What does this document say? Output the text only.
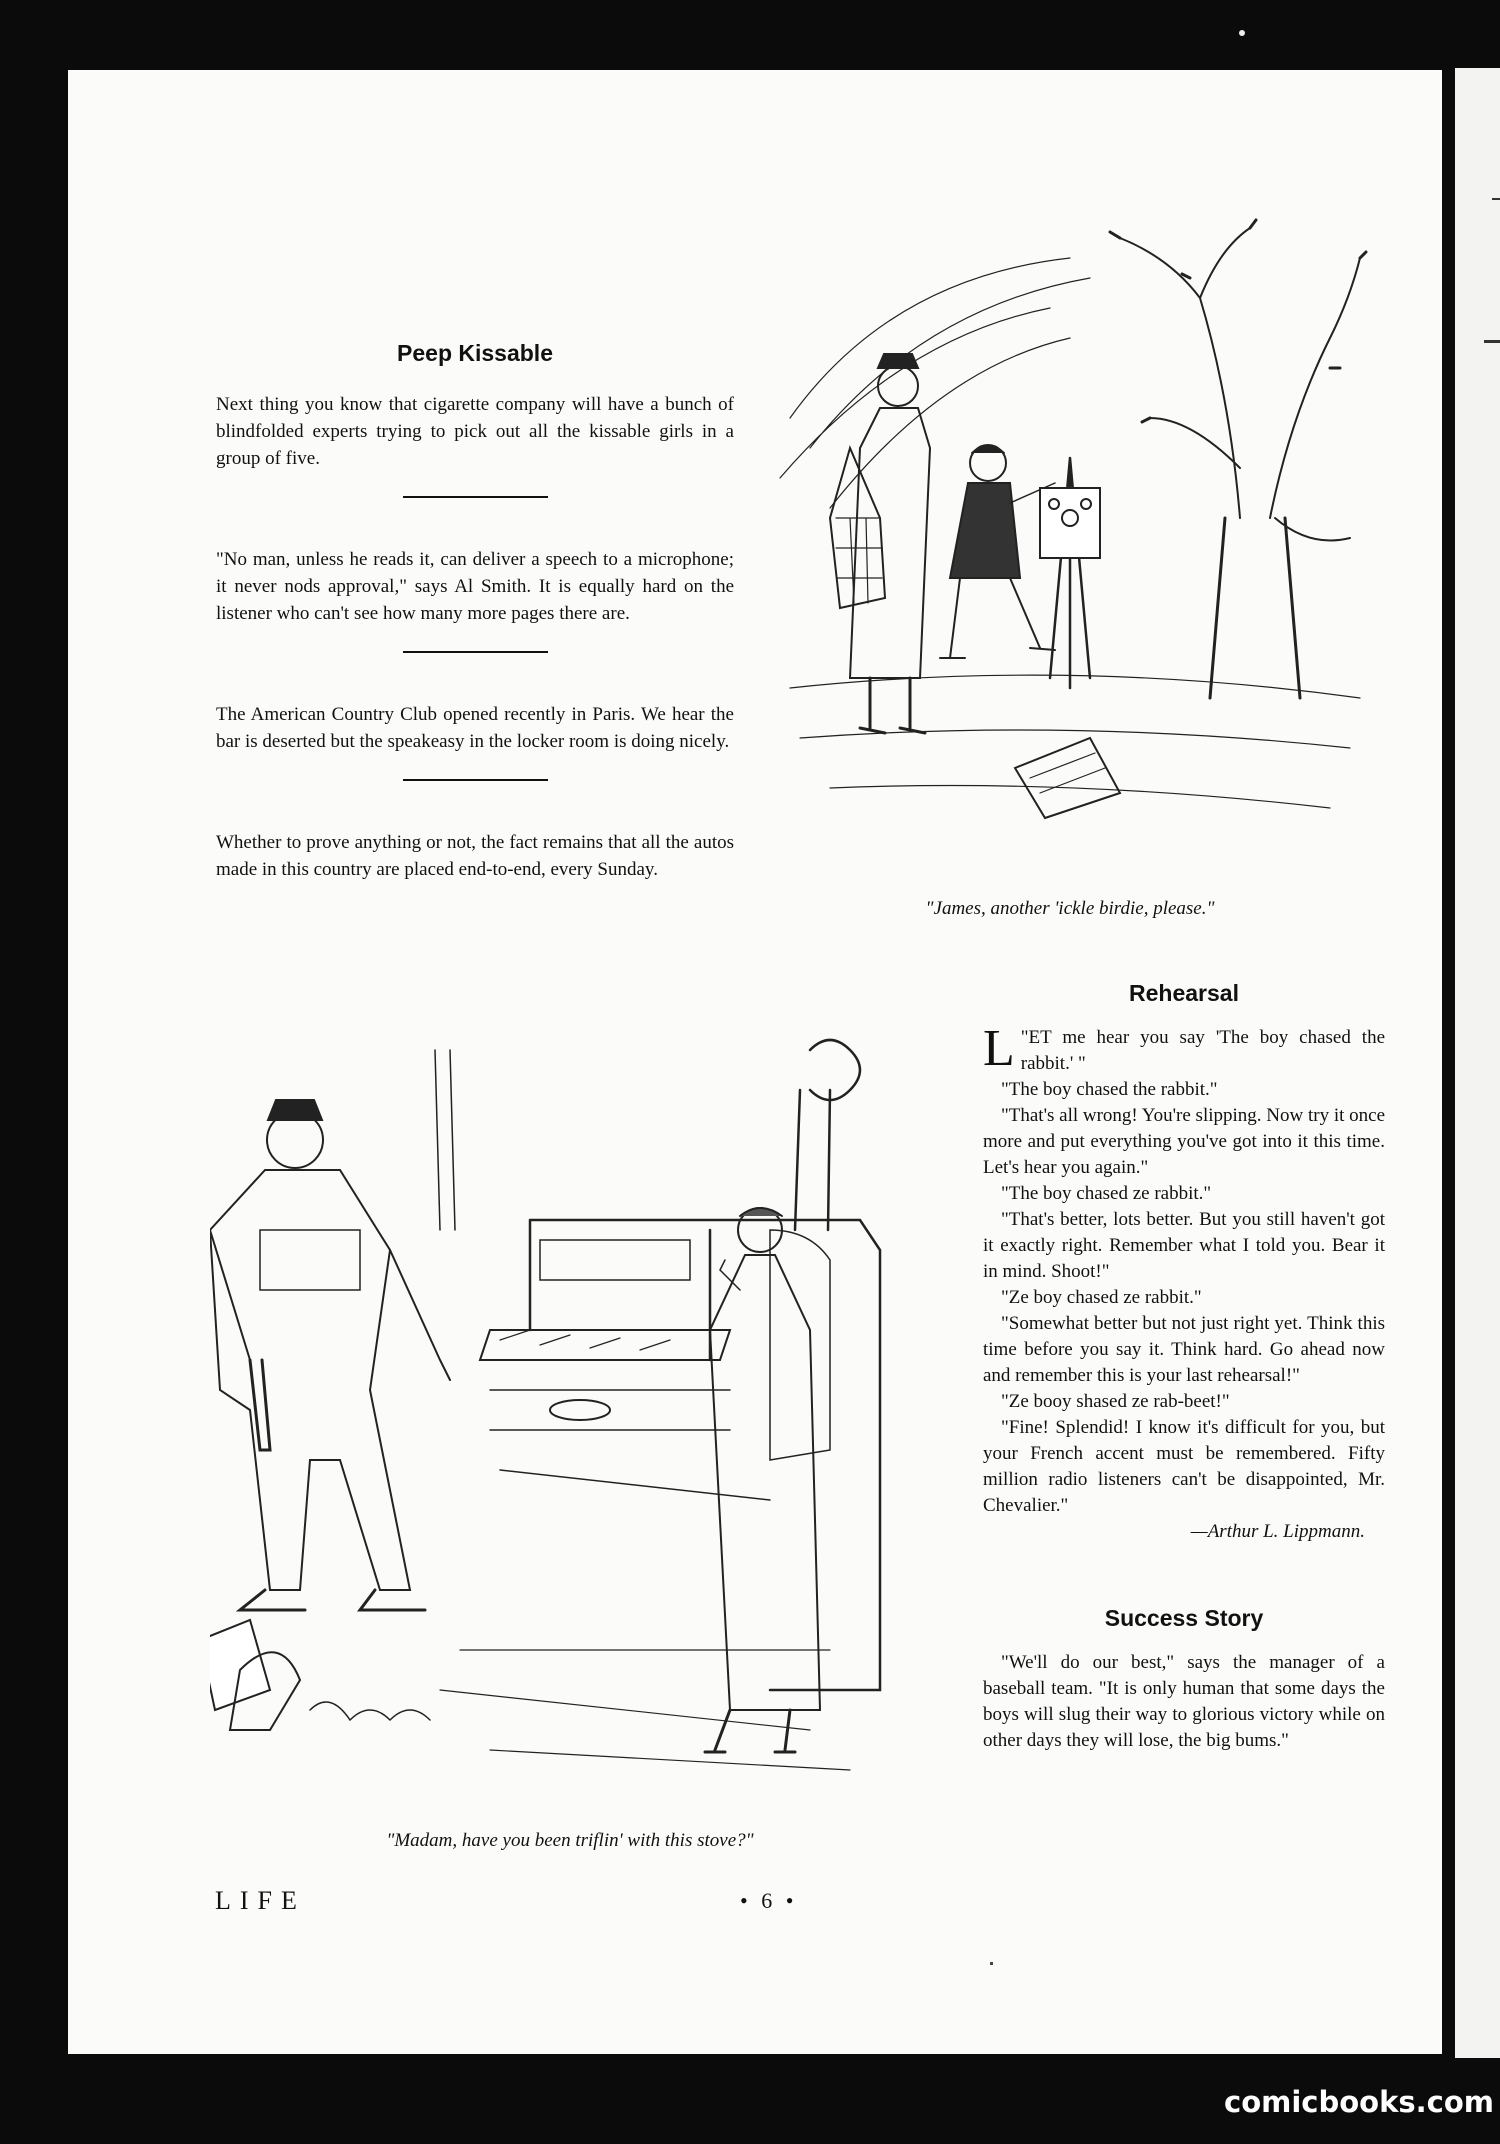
Peep Kissable

Next thing you know that cigarette company will have a bunch of blindfolded experts trying to pick out all the kissable girls in a group of five.

"No man, unless he reads it, can deliver a speech to a microphone; it never nods approval," says Al Smith. It is equally hard on the listener who can't see how many more pages there are.

The American Country Club opened recently in Paris. We hear the bar is deserted but the speakeasy in the locker room is doing nicely.

Whether to prove anything or not, the fact remains that all the autos made in this country are placed end-to-end, every Sunday.

"James, another 'ickle birdie, please."

"Madam, have you been triflin' with this stove?"

Rehearsal

"
L ET me hear you say 'The boy chased the rabbit.' "

"The boy chased the rabbit."

"That's all wrong! You're slipping. Now try it once more and put everything you've got into it this time. Let's hear you again."

"The boy chased ze rabbit."

"That's better, lots better. But you still haven't got it exactly right. Remember what I told you. Bear it in mind. Shoot!"

"Ze boy chased ze rabbit."

"Somewhat better but not just right yet. Think this time before you say it. Think hard. Go ahead now and remember this is your last rehearsal!"

"Ze booy shased ze rab-beet!"

"Fine! Splendid! I know it's difficult for you, but your French accent must be remembered. Fifty million radio listeners can't be disappointed, Mr. Chevalier."

—Arthur L. Lippmann.

Success Story

"We'll do our best," says the manager of a baseball team. "It is only human that some days the boys will slug their way to glorious victory while on other days they will lose, the big bums."

LIFE	• 6 •

comicbooks.com
